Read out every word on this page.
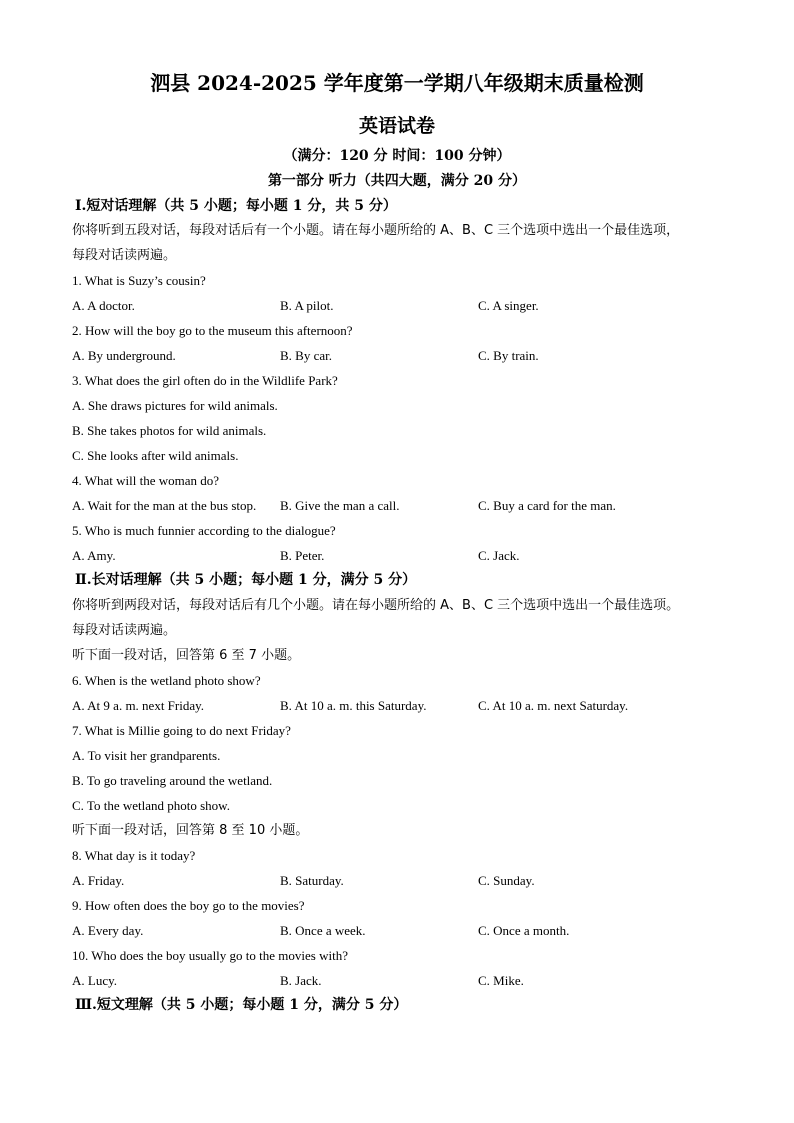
泗县 2024-2025 学年度第一学期八年级期末质量检测
英语试卷
（满分：120 分 时间：100 分钟）
第一部分 听力（共四大题，满分 20 分）
Ⅰ.短对话理解（共 5 小题；每小题 1 分，共 5 分）
你将听到五段对话，每段对话后有一个小题。请在每小题所给的 A、B、C 三个选项中选出一个最佳选项，
每段对话读两遍。
1. What is Suzy’s cousin?
A. A doctor.	B. A pilot.	C. A singer.
2. How will the boy go to the museum this afternoon?
A. By underground.	B. By car.	C. By train.
3. What does the girl often do in the Wildlife Park?
A. She draws pictures for wild animals.
B. She takes photos for wild animals.
C. She looks after wild animals.
4. What will the woman do?
A. Wait for the man at the bus stop. B. Give the man a call.	C. Buy a card for the man.
5. Who is much funnier according to the dialogue?
A. Amy.	B. Peter.	C. Jack.
Ⅱ.长对话理解（共 5 小题；每小题 1 分，满分 5 分）
你将听到两段对话，每段对话后有几个小题。请在每小题所给的 A、B、C 三个选项中选出一个最佳选项。
每段对话读两遍。
听下面一段对话，回答第 6 至 7 小题。
6. When is the wetland photo show?
A. At 9 a. m. next Friday.	B. At 10 a. m. this Saturday.	C. At 10 a. m. next Saturday.
7. What is Millie going to do next Friday?
A. To visit her grandparents.
B. To go traveling around the wetland.
C. To the wetland photo show.
听下面一段对话，回答第 8 至 10 小题。
8. What day is it today?
A. Friday.	B. Saturday.	C. Sunday.
9. How often does the boy go to the movies?
A. Every day.	B. Once a week.	C. Once a month.
10. Who does the boy usually go to the movies with?
A. Lucy.	B. Jack.	C. Mike.
Ⅲ.短文理解（共 5 小题；每小题 1 分，满分 5 分）
